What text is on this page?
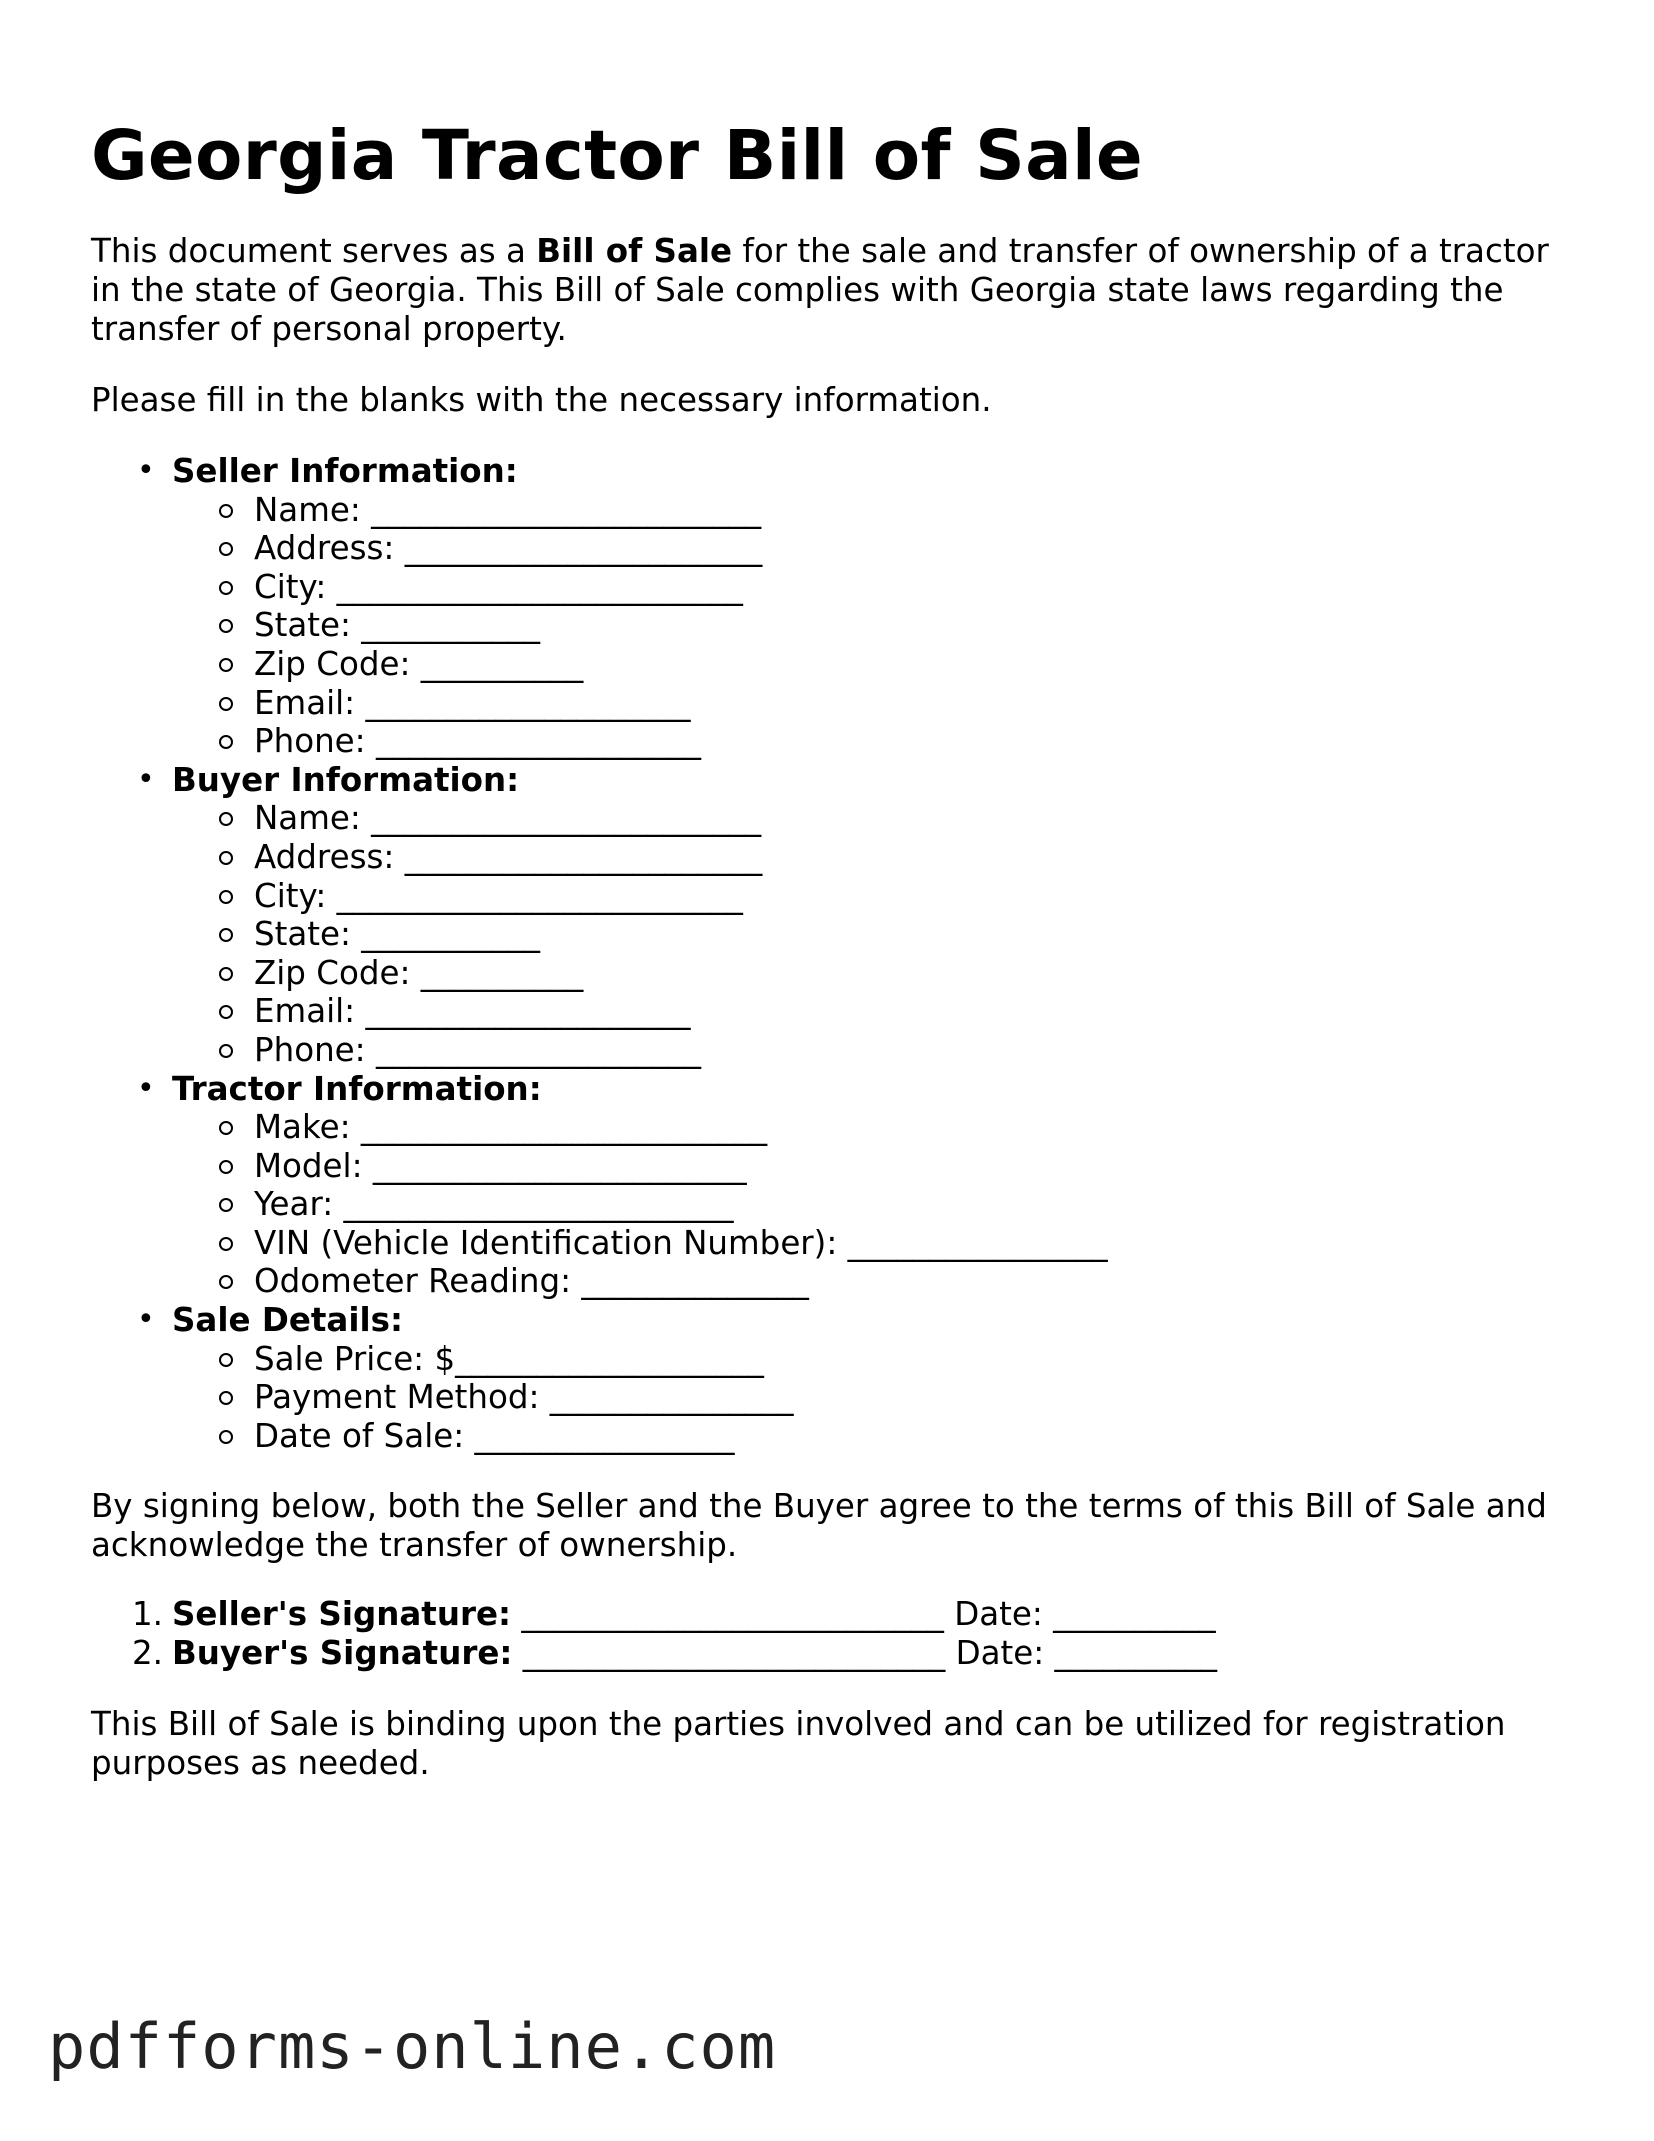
Georgia Tractor Bill of Sale

This document serves as a Bill of Sale for the sale and transfer of ownership of a tractor in the state of Georgia. This Bill of Sale complies with Georgia state laws regarding the transfer of personal property.

Please fill in the blanks with the necessary information.

• Seller Information:
Name: ________________________
Address: ______________________
City: _________________________
State: ___________
Zip Code: __________
Email: ____________________
Phone: ____________________
• Buyer Information:
Name: ________________________
Address: ______________________
City: _________________________
State: ___________
Zip Code: __________
Email: ____________________
Phone: ____________________
• Tractor Information:
Make: _________________________
Model: _______________________
Year: ________________________
VIN (Vehicle Identification Number): ________________
Odometer Reading: ______________
• Sale Details:
Sale Price: $___________________
Payment Method: _______________
Date of Sale: ________________

By signing below, both the Seller and the Buyer agree to the terms of this Bill of Sale and acknowledge the transfer of ownership.

1. Seller's Signature: __________________________ Date: __________
2. Buyer's Signature: __________________________ Date: __________

This Bill of Sale is binding upon the parties involved and can be utilized for registration purposes as needed.

pdfforms-online.com
